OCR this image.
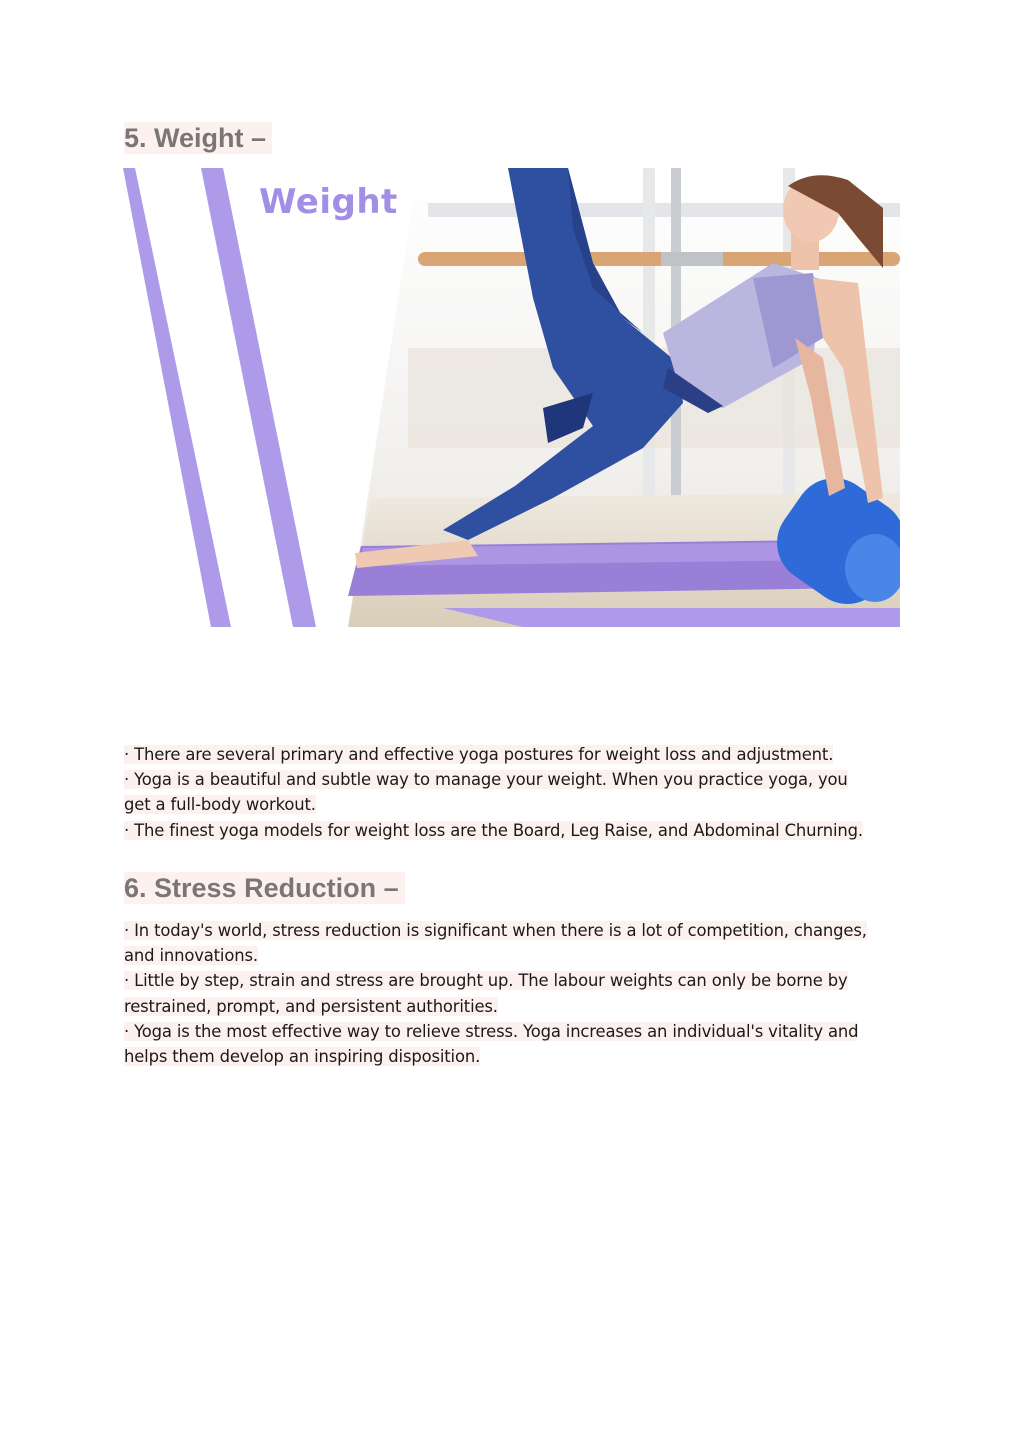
5. Weight –
Weight
· There are several primary and effective yoga postures for weight loss and adjustment.
· Yoga is a beautiful and subtle way to manage your weight. When you practice yoga, you
get a full-body workout.
· The finest yoga models for weight loss are the Board, Leg Raise, and Abdominal Churning.
6. Stress Reduction –
· In today's world, stress reduction is significant when there is a lot of competition, changes,
and innovations.
· Little by step, strain and stress are brought up. The labour weights can only be borne by
restrained, prompt, and persistent authorities.
· Yoga is the most effective way to relieve stress. Yoga increases an individual's vitality and
helps them develop an inspiring disposition.
